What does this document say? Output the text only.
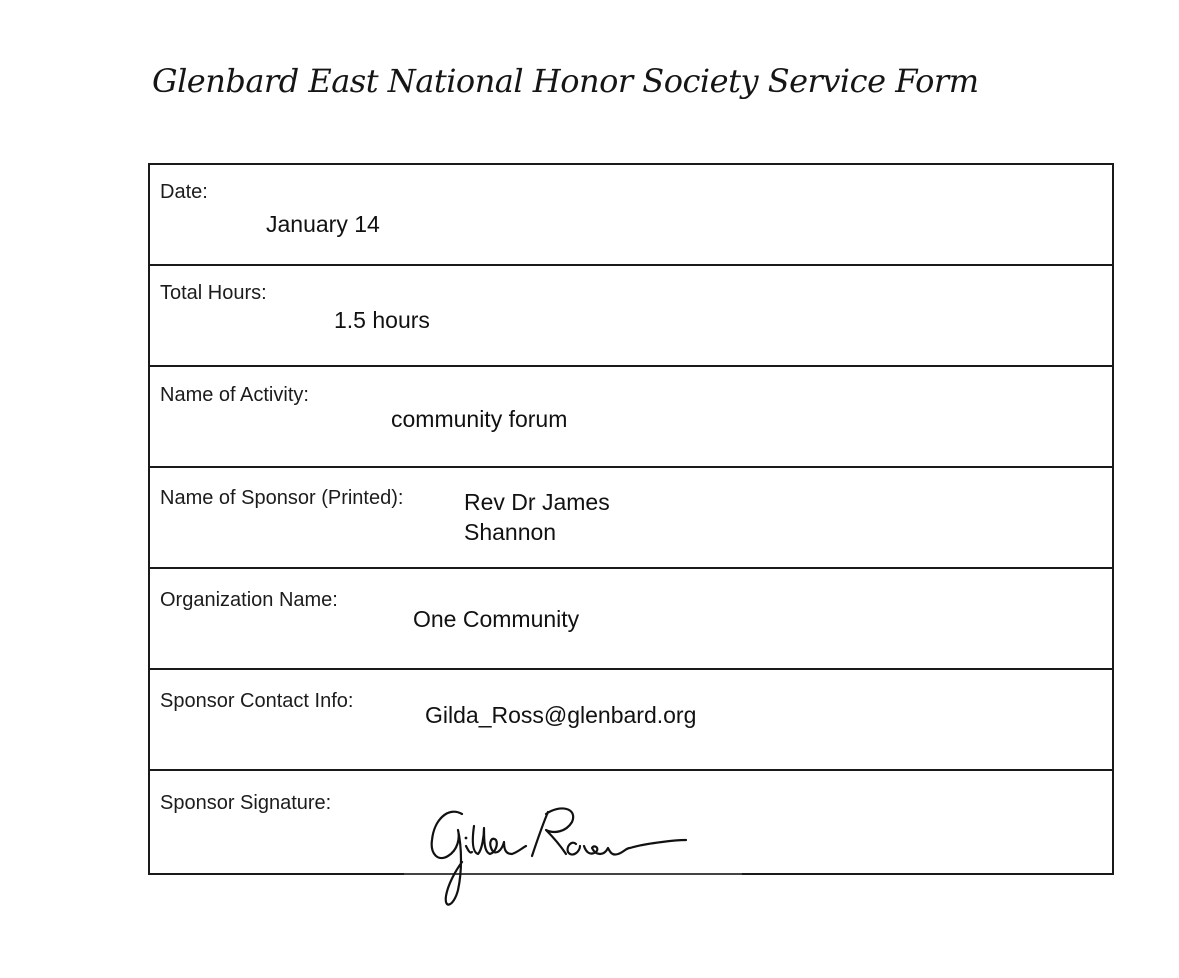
Glenbard East National Honor Society Service Form
Date:
January 14
Total Hours:
1.5 hours
Name of Activity:
community forum
Name of Sponsor (Printed):	Rev Dr James
Shannon
Organization Name:
One Community
Sponsor Contact Info:
Gilda_Ross@glenbard.org
Sponsor Signature:
